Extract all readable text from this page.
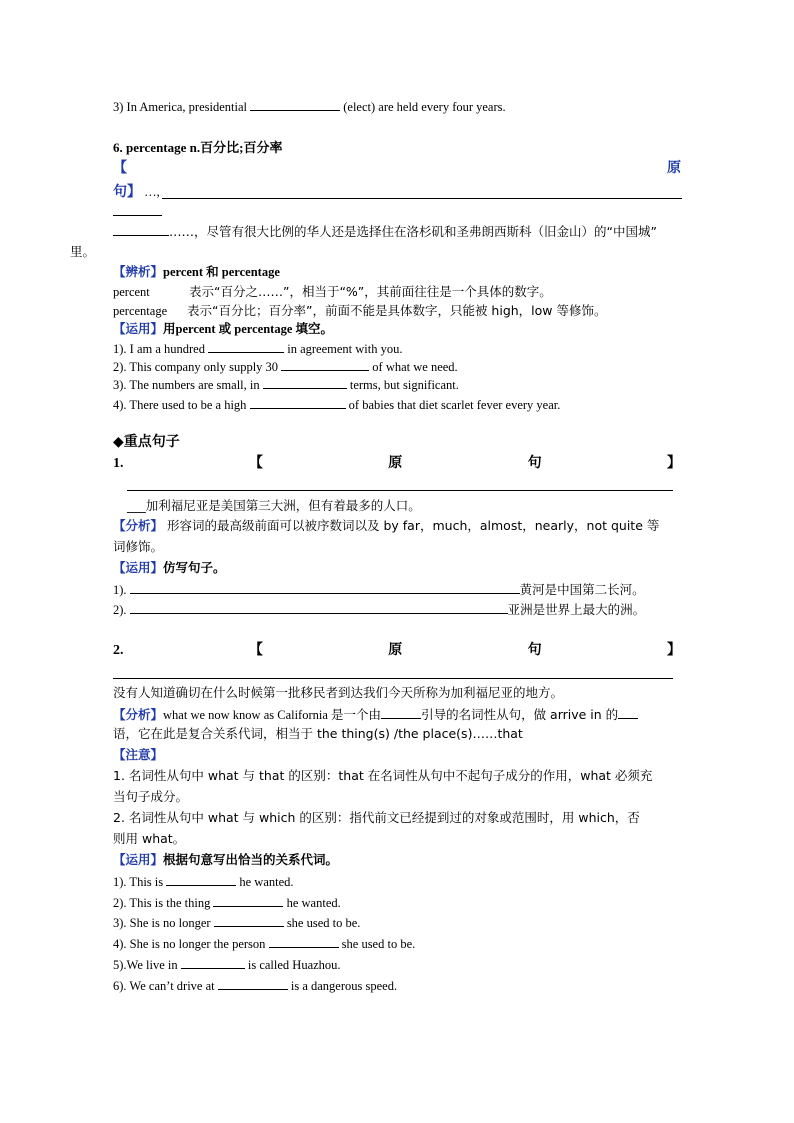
3) In America, presidential	(elect) are held every four years.
6. percentage n.百分比;百分率
【	原
句】 …,
……，尽管有很大比例的华人还是选择住在洛杉矶和圣弗朗西斯科（旧金山）的“中国城”
里。
【辨析】percent 和 percentage
percent	表示“百分之……”，相当于“%”，其前面往往是一个具体的数字。
percentage 表示“百分比；百分率”，前面不能是具体数字，只能被 high，low 等修饰。
【运用】用percent 或 percentage 填空。
1). I am a hundred	in agreement with you.
2). This company only supply 30	of what we need.
3). The numbers are small, in	terms, but significant.
4). There used to be a high	of babies that diet scarlet fever every year.
◆重点句子
1.	【	原	句	】
___加利福尼亚是美国第三大洲，但有着最多的人口。
【分析】 形容词的最高级前面可以被序数词以及 by far，much，almost，nearly，not quite 等
词修饰。
【运用】仿写句子。
1).	黄河是中国第二长河。
2).	亚洲是世界上最大的洲。
2.	【	原	句	】
没有人知道确切在什么时候第一批移民者到达我们今天所称为加利福尼亚的地方。
【分析】what we now know as California 是一个由	引导的名词性从句，做 arrive in 的
语，它在此是复合关系代词，相当于 the thing(s) /the place(s)……that
【注意】
1. 名词性从句中 what 与 that 的区别：that 在名词性从句中不起句子成分的作用，what 必须充
当句子成分。
2. 名词性从句中 what 与 which 的区别：指代前文已经提到过的对象或范围时，用 which，否
则用 what。
【运用】根据句意写出恰当的关系代词。
1). This is	he wanted.
2). This is the thing	he wanted.
3). She is no longer	she used to be.
4). She is no longer the person	she used to be.
5).We live in	is called Huazhou.
6). We can’t drive at	is a dangerous speed.
